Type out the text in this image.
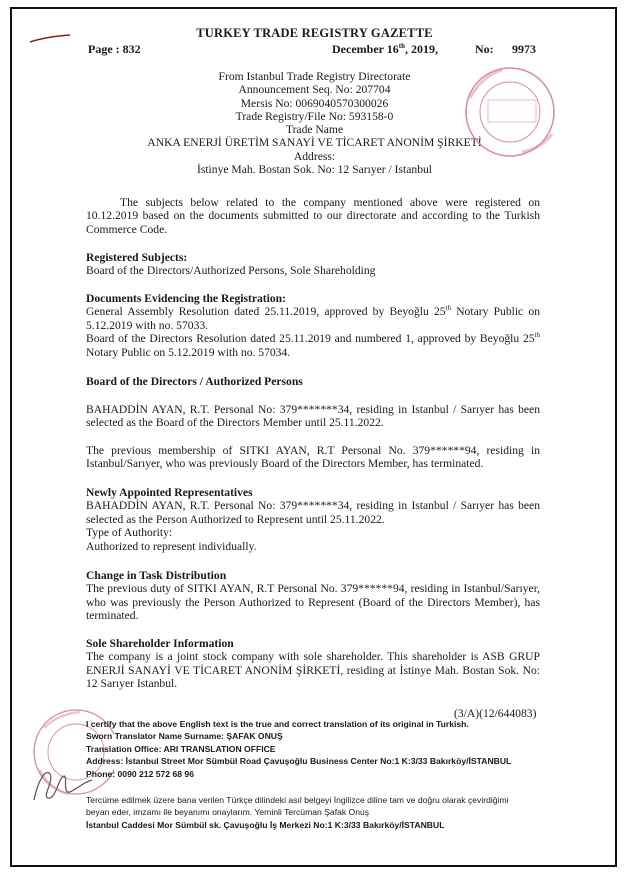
TURKEY TRADE REGISTRY GAZETTE
Page : 832	December 16th, 2019,	No: 9973
From Istanbul Trade Registry Directorate
Announcement Seq. No: 207704
Mersis No: 0069040570300026
Trade Registry/File No: 593158-0
Trade Name
ANKA ENERJİ ÜRETİM SANAYİ VE TİCARET ANONİM ŞİRKETİ
Address:
İstinye Mah. Bostan Sok. No: 12 Sarıyer / Istanbul

The subjects below related to the company mentioned above were registered on 10.12.2019 based on the documents submitted to our directorate and according to the Turkish Commerce Code.

Registered Subjects:

Board of the Directors/Authorized Persons, Sole Shareholding

Documents Evidencing the Registration:

General Assembly Resolution dated 25.11.2019, approved by Beyoğlu 25th Notary Public on 5.12.2019 with no. 57033.

Board of the Directors Resolution dated 25.11.2019 and numbered 1, approved by Beyoğlu 25th Notary Public on 5.12.2019 with no. 57034.

Board of the Directors / Authorized Persons

BAHADDİN AYAN, R.T. Personal No: 379*******34, residing in Istanbul / Sarıyer has been selected as the Board of the Directors Member until 25.11.2022.

The previous membership of SITKI AYAN, R.T Personal No. 379******94, residing in Istanbul/Sarıyer, who was previously Board of the Directors Member, has terminated.

Newly Appointed Representatives

BAHADDİN AYAN, R.T. Personal No: 379*******34, residing in Istanbul / Sarıyer has been selected as the Person Authorized to Represent until 25.11.2022.

Type of Authority:

Authorized to represent individually.

Change in Task Distribution

The previous duty of SITKI AYAN, R.T Personal No. 379******94, residing in Istanbul/Sarıyer, who was previously the Person Authorized to Represent (Board of the Directors Member), has terminated.

Sole Shareholder Information

The company is a joint stock company with sole shareholder. This shareholder is ASB GRUP ENERJİ SANAYİ VE TİCARET ANONİM ŞİRKETİ, residing at İstinye Mah. Bostan Sok. No: 12 Sarıyer Istanbul.

(3/A)(12/644083)
I certify that the above English text is the true and correct translation of its original in Turkish.
Sworn Translator Name Surname: ŞAFAK ONUŞ
Translation Office: ARI TRANSLATION OFFICE
Address: İstanbul Street Mor Sümbül Road Çavuşoğlu Business Center No:1 K:3/33 Bakırköy/İSTANBUL
Phone: 0090 212 572 68 96
Tercüme edilmek üzere bana verilen Türkçe dilindeki asıl belgeyi İngilizce diline tam ve doğru olarak çevirdiğimi
beyan eder, imzamı ile beyanımı onaylarım. Yeminli Tercüman Şafak Onuş
İstanbul Caddesi Mor Sümbül sk. Çavuşoğlu İş Merkezi No:1 K:3/33 Bakırköy/İSTANBUL
